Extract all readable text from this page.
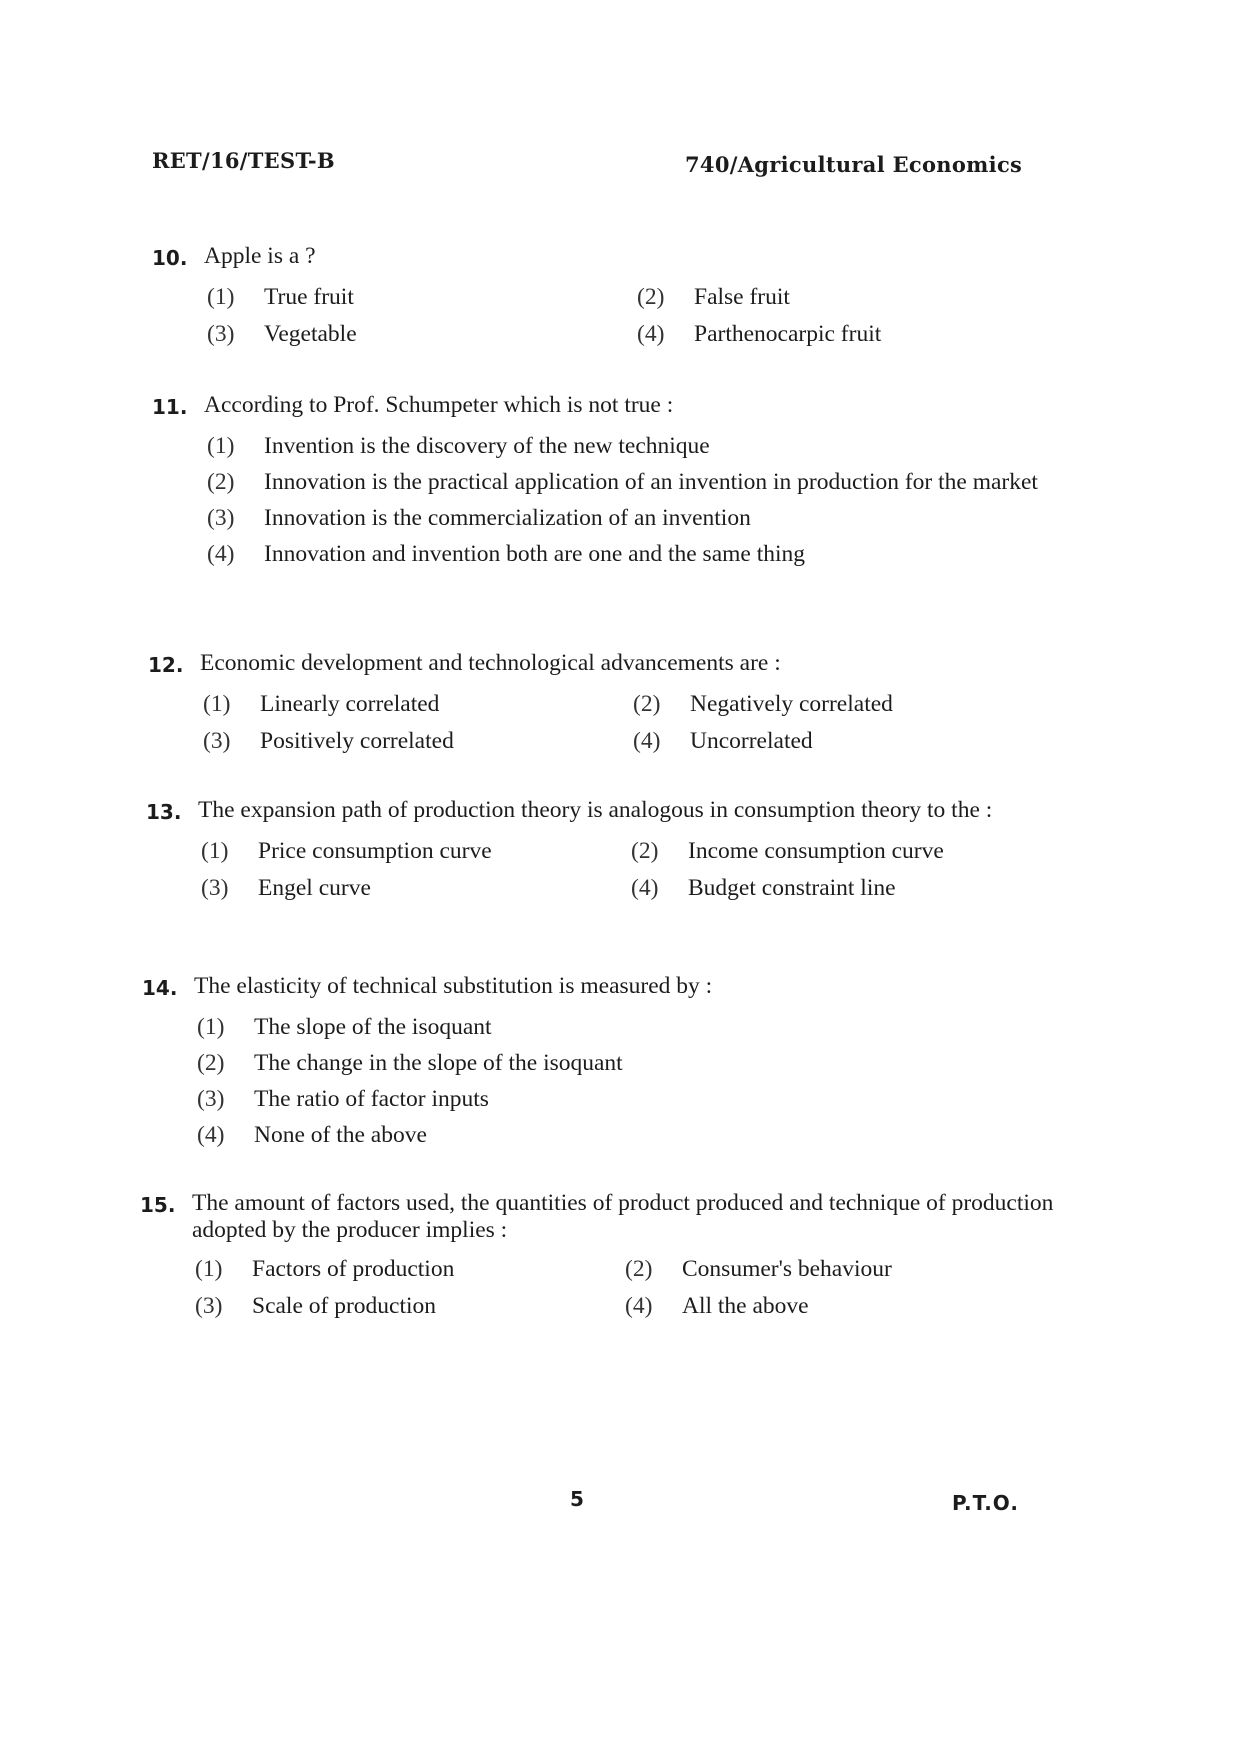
RET/16/TEST-B	740/Agricultural Economics
10. Apple is a ?
(1)	True fruit	(2)	False fruit
(3)	Vegetable	(4)	Parthenocarpic fruit
11. According to Prof. Schumpeter which is not true :
(1)	Invention is the discovery of the new technique
(2)	Innovation is the practical application of an invention in production for the market
(3)	Innovation is the commercialization of an invention
(4)	Innovation and invention both are one and the same thing
12. Economic development and technological advancements are :
(1)	Linearly correlated	(2)	Negatively correlated
(3)	Positively correlated	(4)	Uncorrelated
13. The expansion path of production theory is analogous in consumption theory to the :
(1)	Price consumption curve	(2)	Income consumption curve
(3)	Engel curve	(4)	Budget constraint line
14. The elasticity of technical substitution is measured by :
(1)	The slope of the isoquant
(2)	The change in the slope of the isoquant
(3)	The ratio of factor inputs
(4)	None of the above
15. The amount of factors used, the quantities of product produced and technique of production adopted by the producer implies :
(1)	Factors of production	(2)	Consumer's behaviour
(3)	Scale of production	(4)	All the above
5	P.T.O.
